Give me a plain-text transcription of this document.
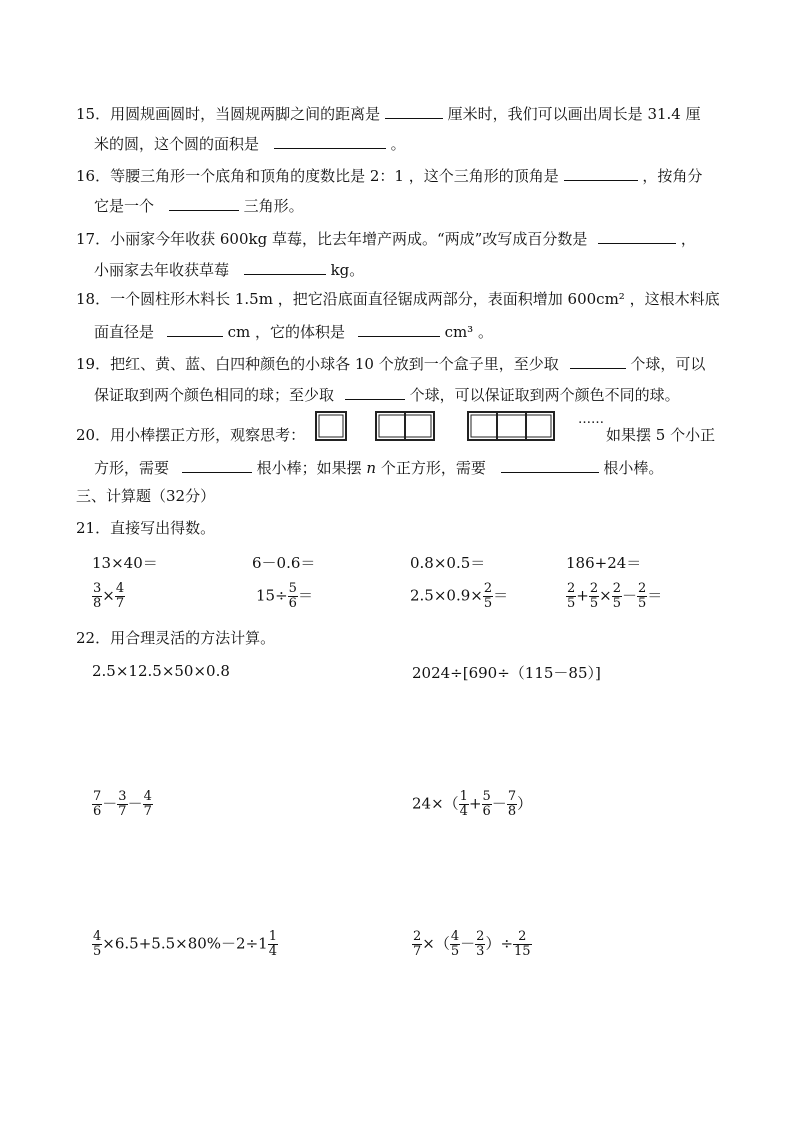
15．用圆规画圆时，当圆规两脚之间的距离是	厘米时，我们可以画出周长是 31.4 厘
米的圆，这个圆的面积是	。
16．等腰三角形一个底角和顶角的度数比是 2：1 ，这个三角形的顶角是	，按角分
它是一个	三角形。
17．小丽家今年收获 600kg 草莓，比去年增产两成。“两成”改写成百分数是	，
小丽家去年收获草莓	kg。
18．一个圆柱形木料长 1.5m ，把它沿底面直径锯成两部分，表面积增加 600cm² ，这根木料底
面直径是	cm ，它的体积是	cm³ 。
19．把红、黄、蓝、白四种颜色的小球各 10 个放到一个盒子里，至少取	个球，可以
保证取到两个颜色相同的球；至少取	个球，可以保证取到两个颜色不同的球。
20．用小棒摆正方形，观察思考：
……
如果摆 5 个小正
方形，需要	根小棒；如果摆 n 个正方形，需要	根小棒。
三、计算题（32分）
21．直接写出得数。
13×40＝	6－0.6＝	0.8×0.5＝	186+24＝
$\frac{3}{8} \times \frac{4}{7}$	$15\div \frac{5}{6}$ ＝	$2.5\times 0.9\times \frac{2}{5}$ ＝	$\frac{2}{5} + \frac{2}{5} \times \frac{2}{5} - \frac{2}{5}$ ＝
22．用合理灵活的方法计算。
2.5×12.5×50×0.8	2024÷[690÷（115－85）]
$\frac{7}{6} - \frac{3}{7} - \frac{4}{7}$	$24\times( \frac{1}{4} + \frac{5}{6} - \frac{7}{8}$ ）
$\frac{4}{5} \times 6.5+5.5\times 80\%-2\div 1 \frac{1}{4}$	$\frac{2}{7}$ ×（ $\frac{4}{5} - \frac{2}{3}$ ）÷ $\frac{2}{15}$
